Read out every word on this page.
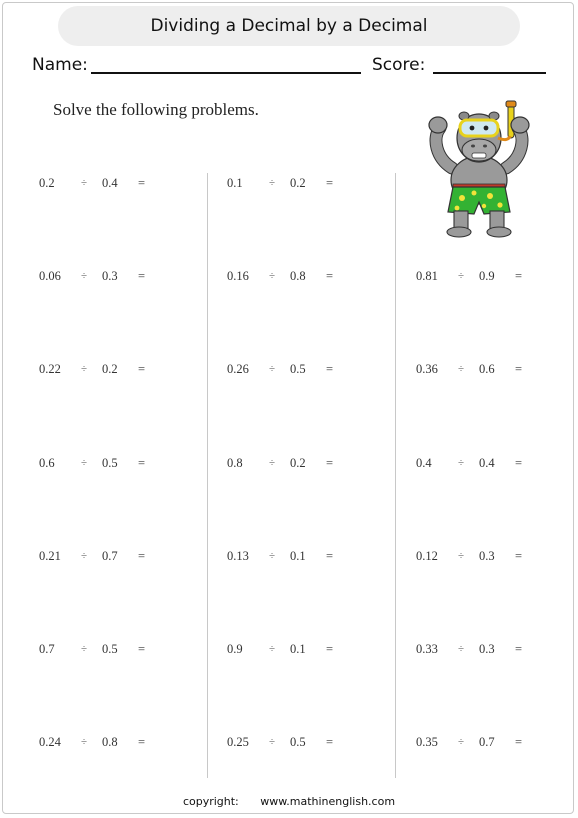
Dividing a Decimal by a Decimal
Name:	Score:
Solve the following problems.
0.2 ÷ 0.4 =
0.06 ÷ 0.3 =
0.22 ÷ 0.2 =
0.6 ÷ 0.5 =
0.21 ÷ 0.7 =
0.7 ÷ 0.5 =
0.24 ÷ 0.8 =
0.1 ÷ 0.2 =
0.16 ÷ 0.8 =
0.26 ÷ 0.5 =
0.8 ÷ 0.2 =
0.13 ÷ 0.1 =
0.9 ÷ 0.1 =
0.25 ÷ 0.5 =
0.81 ÷ 0.9 =
0.36 ÷ 0.6 =
0.4 ÷ 0.4 =
0.12 ÷ 0.3 =
0.33 ÷ 0.3 =
0.35 ÷ 0.7 =
copyright: www.mathinenglish.com
